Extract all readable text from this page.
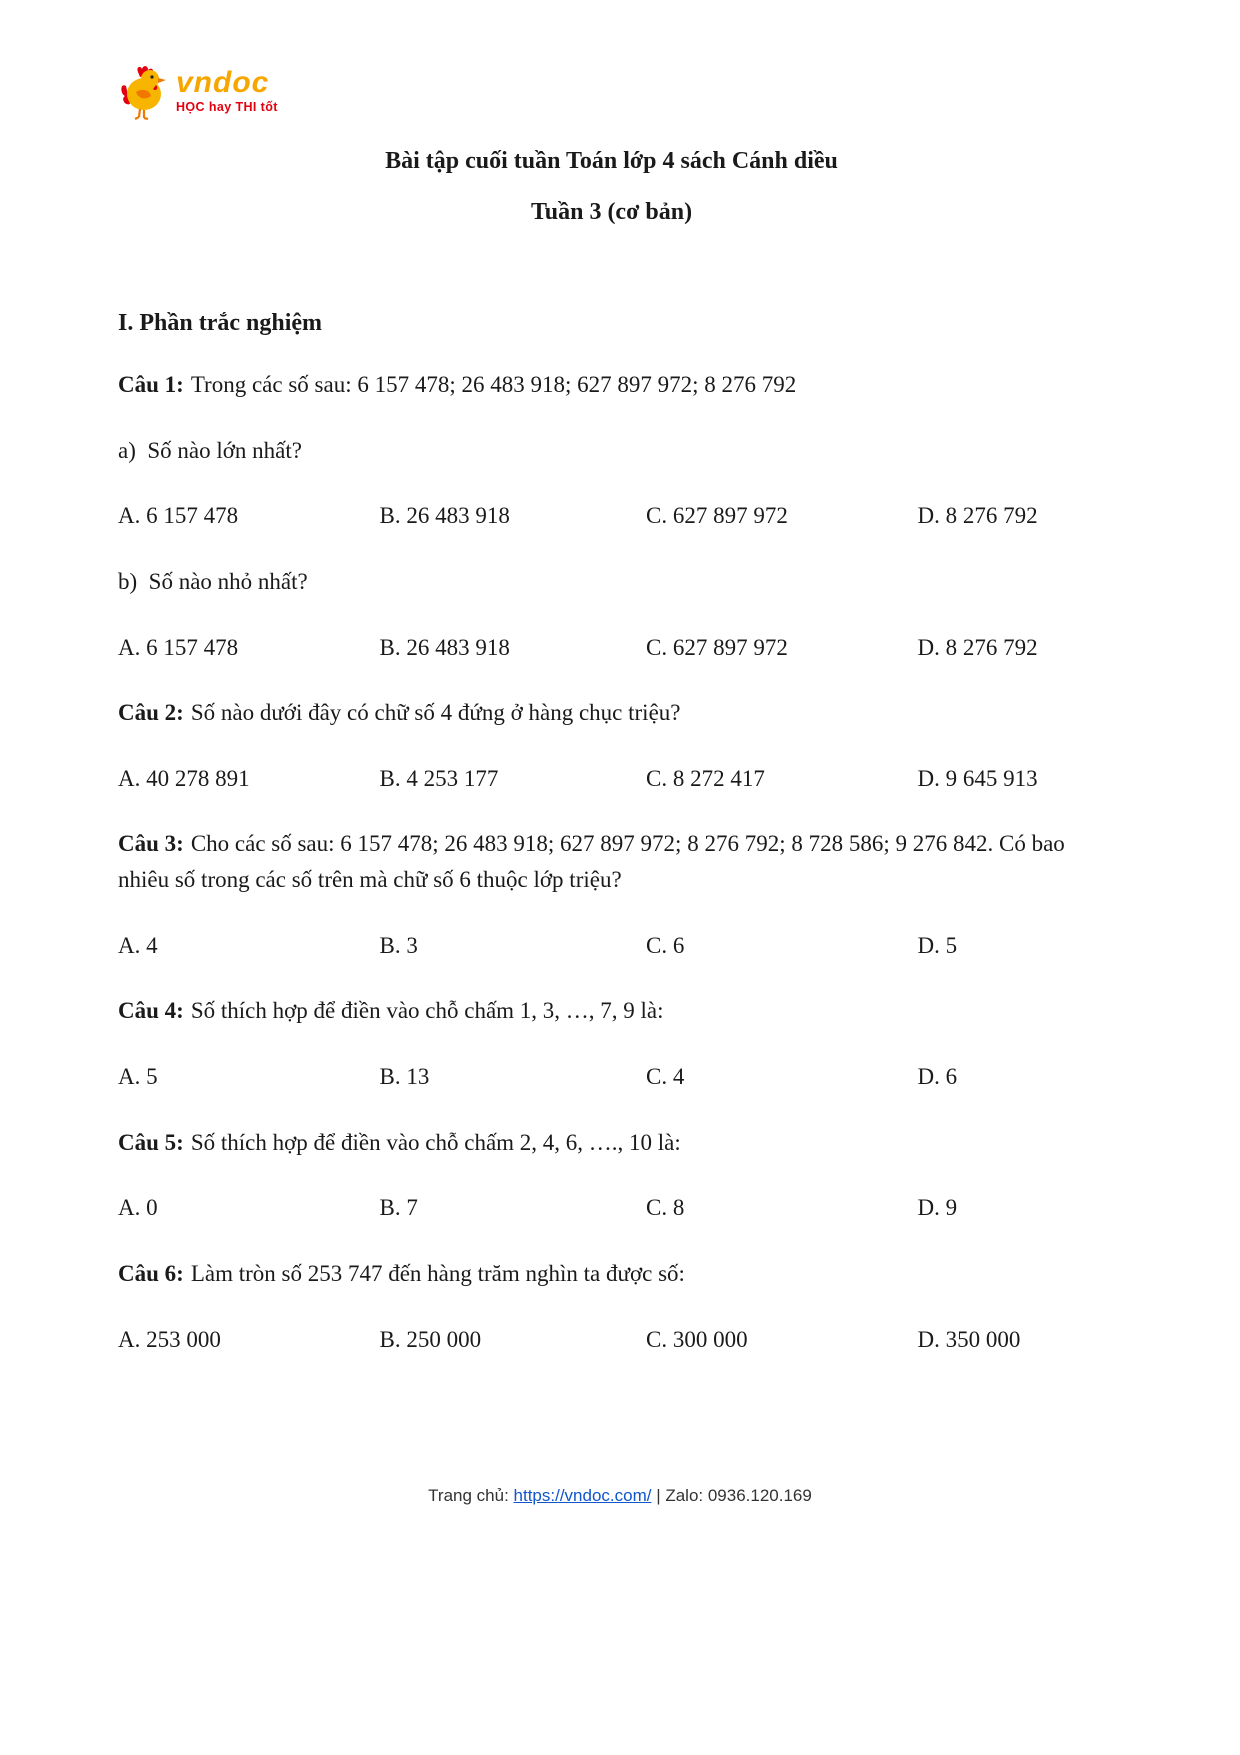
vndoc
HỌC hay THI tốt
Bài tập cuối tuần Toán lớp 4 sách Cánh diều
Tuần 3 (cơ bản)
I. Phần trắc nghiệm

Câu 1: Trong các số sau: 6 157 478; 26 483 918; 627 897 972; 8 276 792

a)  Số nào lớn nhất?

A. 6 157 478	B. 26 483 918	C. 627 897 972	D. 8 276 792

b)  Số nào nhỏ nhất?

A. 6 157 478	B. 26 483 918	C. 627 897 972	D. 8 276 792

Câu 2: Số nào dưới đây có chữ số 4 đứng ở hàng chục triệu?

A. 40 278 891	B. 4 253 177	C. 8 272 417	D. 9 645 913

Câu 3: Cho các số sau: 6 157 478; 26 483 918; 627 897 972; 8 276 792; 8 728 586; 9 276 842. Có bao nhiêu số trong các số trên mà chữ số 6 thuộc lớp triệu?

A. 4	B. 3	C. 6	D. 5

Câu 4: Số thích hợp để điền vào chỗ chấm 1, 3, …, 7, 9 là:

A. 5	B. 13	C. 4	D. 6

Câu 5: Số thích hợp để điền vào chỗ chấm 2, 4, 6, …., 10 là:

A. 0	B. 7	C. 8	D. 9

Câu 6: Làm tròn số 253 747 đến hàng trăm nghìn ta được số:

A. 253 000	B. 250 000	C. 300 000	D. 350 000
Trang chủ: https://vndoc.com/ | Zalo: 0936.120.169
